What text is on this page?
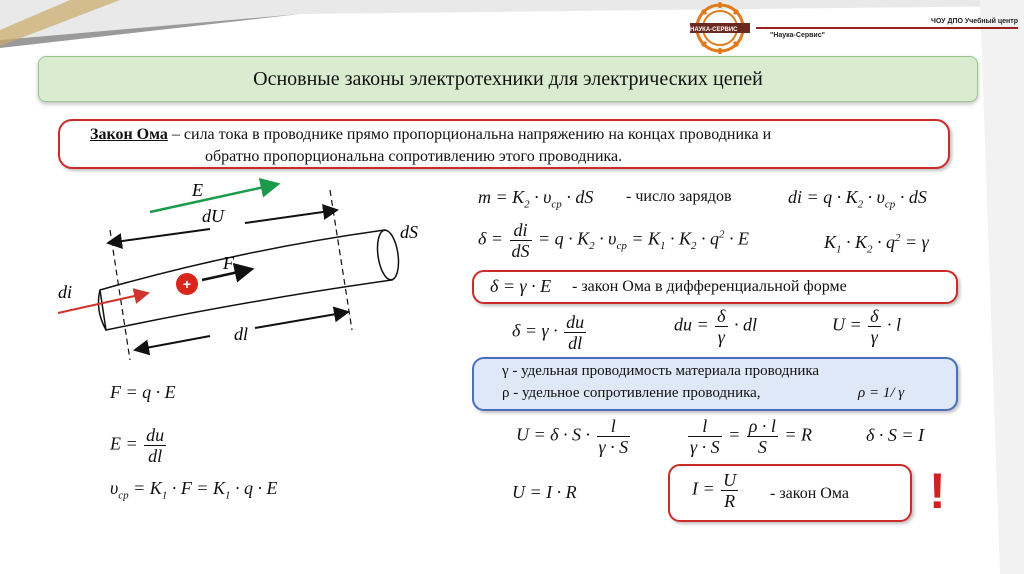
НАУКА-СЕРВИС
ЧОУ ДПО Учебный центр
"Наука-Сервис"
Основные законы электротехники для электрических цепей
Закон Ома – сила тока в проводнике прямо пропорциональна напряжению на концах проводника и
обратно пропорциональна сопротивлению этого проводника.
+
E
dU
dS
F
di
dl
F = q · E
$E = \frac{du}{dl}$
$\upsilon_{ср} = K_1 \cdot F = K_1 \cdot q \cdot E$
$m = K_2 \cdot \upsilon_{ср}$ · dS - число зарядов	di = $q \cdot K_2 \cdot \upsilon_{ср}$ · dS
$\delta = \frac{di}{dS} = q \cdot K_2 \cdot \upsilon_{ср} = K_1 \cdot K_2 \cdot q^2 \cdot E$	$K_1 \cdot K_2 \cdot q^2 = \gamma$
δ = γ · E - закон Ома в дифференциальной форме
$\delta = \gamma \cdot \frac{du}{dl}$	du = $\frac{\delta}{\gamma}$ · dl	$U = \frac{\delta}{\gamma} \cdot l$
γ - удельная проводимость материала проводника
ρ - удельное сопротивление проводника,	ρ = 1/ γ
$U = \delta \cdot S \cdot \frac{l}{\gamma \cdot S}$	$\frac{l}{\gamma \cdot S} = \frac{\rho \cdot l}{S} = R$	δ · S = I
U = I · R	$I = \frac{U}{R}$ - закон Ома !
